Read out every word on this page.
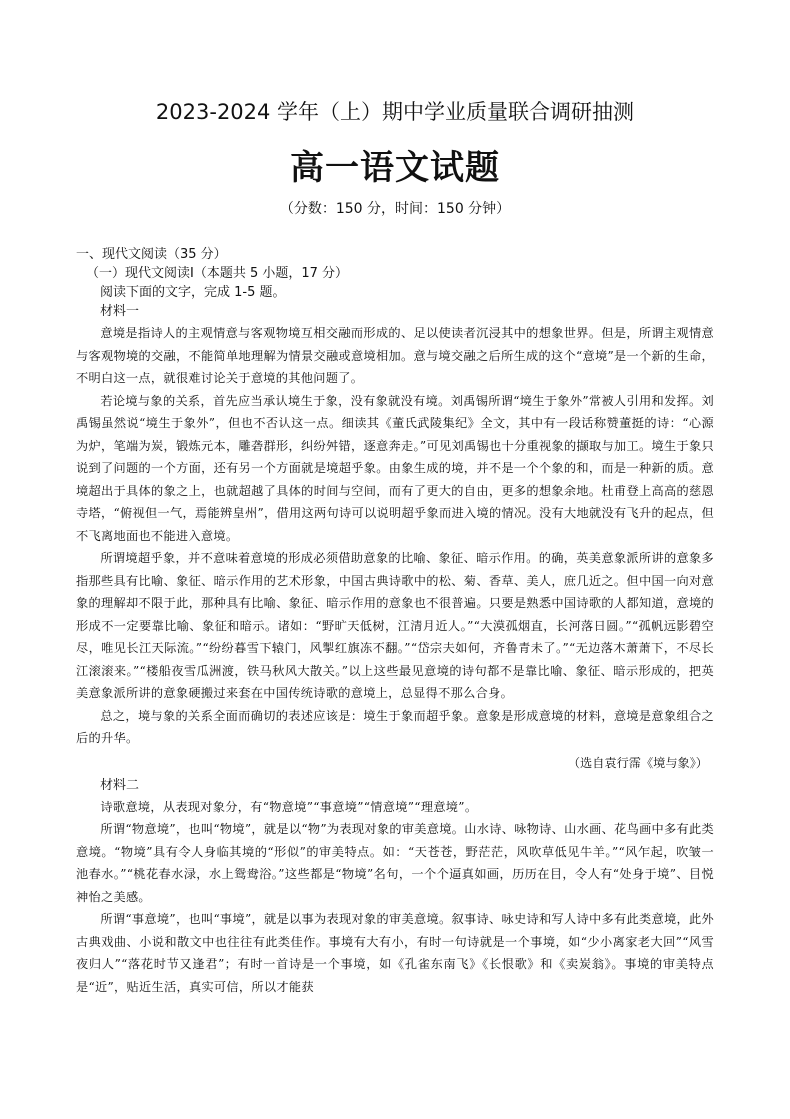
2023-2024 学年（上）期中学业质量联合调研抽测

高一语文试题

（分数：150 分，时间：150 分钟）

一、现代文阅读（35 分）

（一）现代文阅读Ⅰ（本题共 5 小题，17 分）

阅读下面的文字，完成 1-5 题。

材料一

意境是指诗人的主观情意与客观物境互相交融而形成的、足以使读者沉浸其中的想象世界。但是，所谓主观情意与客观物境的交融，不能简单地理解为情景交融或意境相加。意与境交融之后所生成的这个“意境”是一个新的生命，不明白这一点，就很难讨论关于意境的其他问题了。

若论境与象的关系，首先应当承认境生于象，没有象就没有境。刘禹锡所谓“境生于象外”常被人引用和发挥。刘禹锡虽然说“境生于象外”，但也不否认这一点。细读其《董氏武陵集纪》全文，其中有一段话称赞董挺的诗：“心源为炉，笔端为炭，锻炼元本，雕砻群形，纠纷舛错，逐意奔走。”可见刘禹锡也十分重视象的撷取与加工。境生于象只说到了问题的一个方面，还有另一个方面就是境超乎象。由象生成的境，并不是一个个象的和，而是一种新的质。意境超出于具体的象之上，也就超越了具体的时间与空间，而有了更大的自由，更多的想象余地。杜甫登上高高的慈恩寺塔，“俯视但一气，焉能辨皇州”，借用这两句诗可以说明超乎象而进入境的情况。没有大地就没有飞升的起点，但不飞离地面也不能进入意境。

所谓境超乎象，并不意味着意境的形成必须借助意象的比喻、象征、暗示作用。的确，英美意象派所讲的意象多指那些具有比喻、象征、暗示作用的艺术形象，中国古典诗歌中的松、菊、香草、美人，庶几近之。但中国一向对意象的理解却不限于此，那种具有比喻、象征、暗示作用的意象也不很普遍。只要是熟悉中国诗歌的人都知道，意境的形成不一定要靠比喻、象征和暗示。诸如：“野旷天低树，江清月近人。”“大漠孤烟直，长河落日圆。”“孤帆远影碧空尽，唯见长江天际流。”“纷纷暮雪下辕门，风掣红旗冻不翻。”“岱宗夫如何，齐鲁青未了。”“无边落木萧萧下，不尽长江滚滚来。”“楼船夜雪瓜洲渡，铁马秋风大散关。”以上这些最见意境的诗句都不是靠比喻、象征、暗示形成的，把英美意象派所讲的意象硬搬过来套在中国传统诗歌的意境上，总显得不那么合身。

总之，境与象的关系全面而确切的表述应该是：境生于象而超乎象。意象是形成意境的材料，意境是意象组合之后的升华。

（选自袁行霈《境与象》）

材料二

诗歌意境，从表现对象分，有“物意境”“事意境”“情意境”“理意境”。

所谓“物意境”，也叫“物境”，就是以“物”为表现对象的审美意境。山水诗、咏物诗、山水画、花鸟画中多有此类意境。“物境”具有令人身临其境的“形似”的审美特点。如：“天苍苍，野茫茫，风吹草低见牛羊。”“风乍起，吹皱一池春水。”“桃花春水渌，水上鸳鸯浴。”这些都是“物境”名句，一个个逼真如画，历历在目，令人有“处身于境”、目悦神怡之美感。

所谓“事意境”，也叫“事境”，就是以事为表现对象的审美意境。叙事诗、咏史诗和写人诗中多有此类意境，此外古典戏曲、小说和散文中也往往有此类佳作。事境有大有小，有时一句诗就是一个事境，如“少小离家老大回”“风雪夜归人”“落花时节又逢君”；有时一首诗是一个事境，如《孔雀东南飞》《长恨歌》和《卖炭翁》。事境的审美特点是“近”，贴近生活，真实可信，所以才能获
